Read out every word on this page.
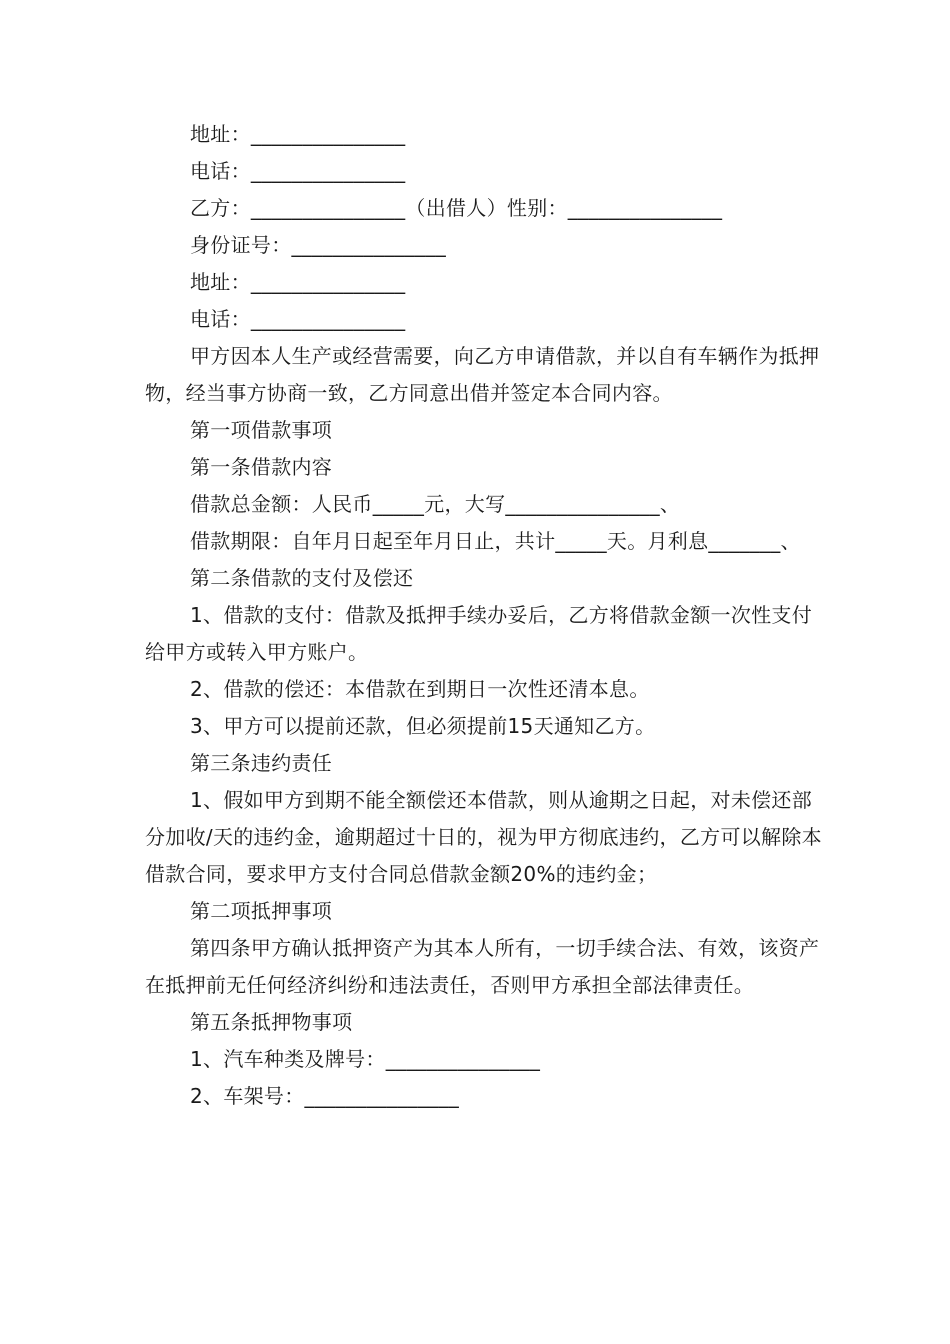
地址：_______________

电话：_______________

乙方：_______________（出借人）性别：_______________

身份证号：_______________

地址：_______________

电话：_______________

甲方因本人生产或经营需要，向乙方申请借款，并以自有车辆作为抵押物，经当事方协商一致，乙方同意出借并签定本合同内容。

第一项借款事项

第一条借款内容

借款总金额：人民币_____元，大写_______________、

借款期限：自年月日起至年月日止，共计_____天。月利息_______、

第二条借款的支付及偿还

1、借款的支付：借款及抵押手续办妥后，乙方将借款金额一次性支付给甲方或转入甲方账户。

2、借款的偿还：本借款在到期日一次性还清本息。

3、甲方可以提前还款，但必须提前15天通知乙方。

第三条违约责任

1、假如甲方到期不能全额偿还本借款，则从逾期之日起，对未偿还部分加收/天的违约金，逾期超过十日的，视为甲方彻底违约，乙方可以解除本借款合同，要求甲方支付合同总借款金额20%的违约金；

第二项抵押事项

第四条甲方确认抵押资产为其本人所有，一切手续合法、有效，该资产在抵押前无任何经济纠纷和违法责任，否则甲方承担全部法律责任。

第五条抵押物事项

1、汽车种类及牌号：_______________

2、车架号：_______________
